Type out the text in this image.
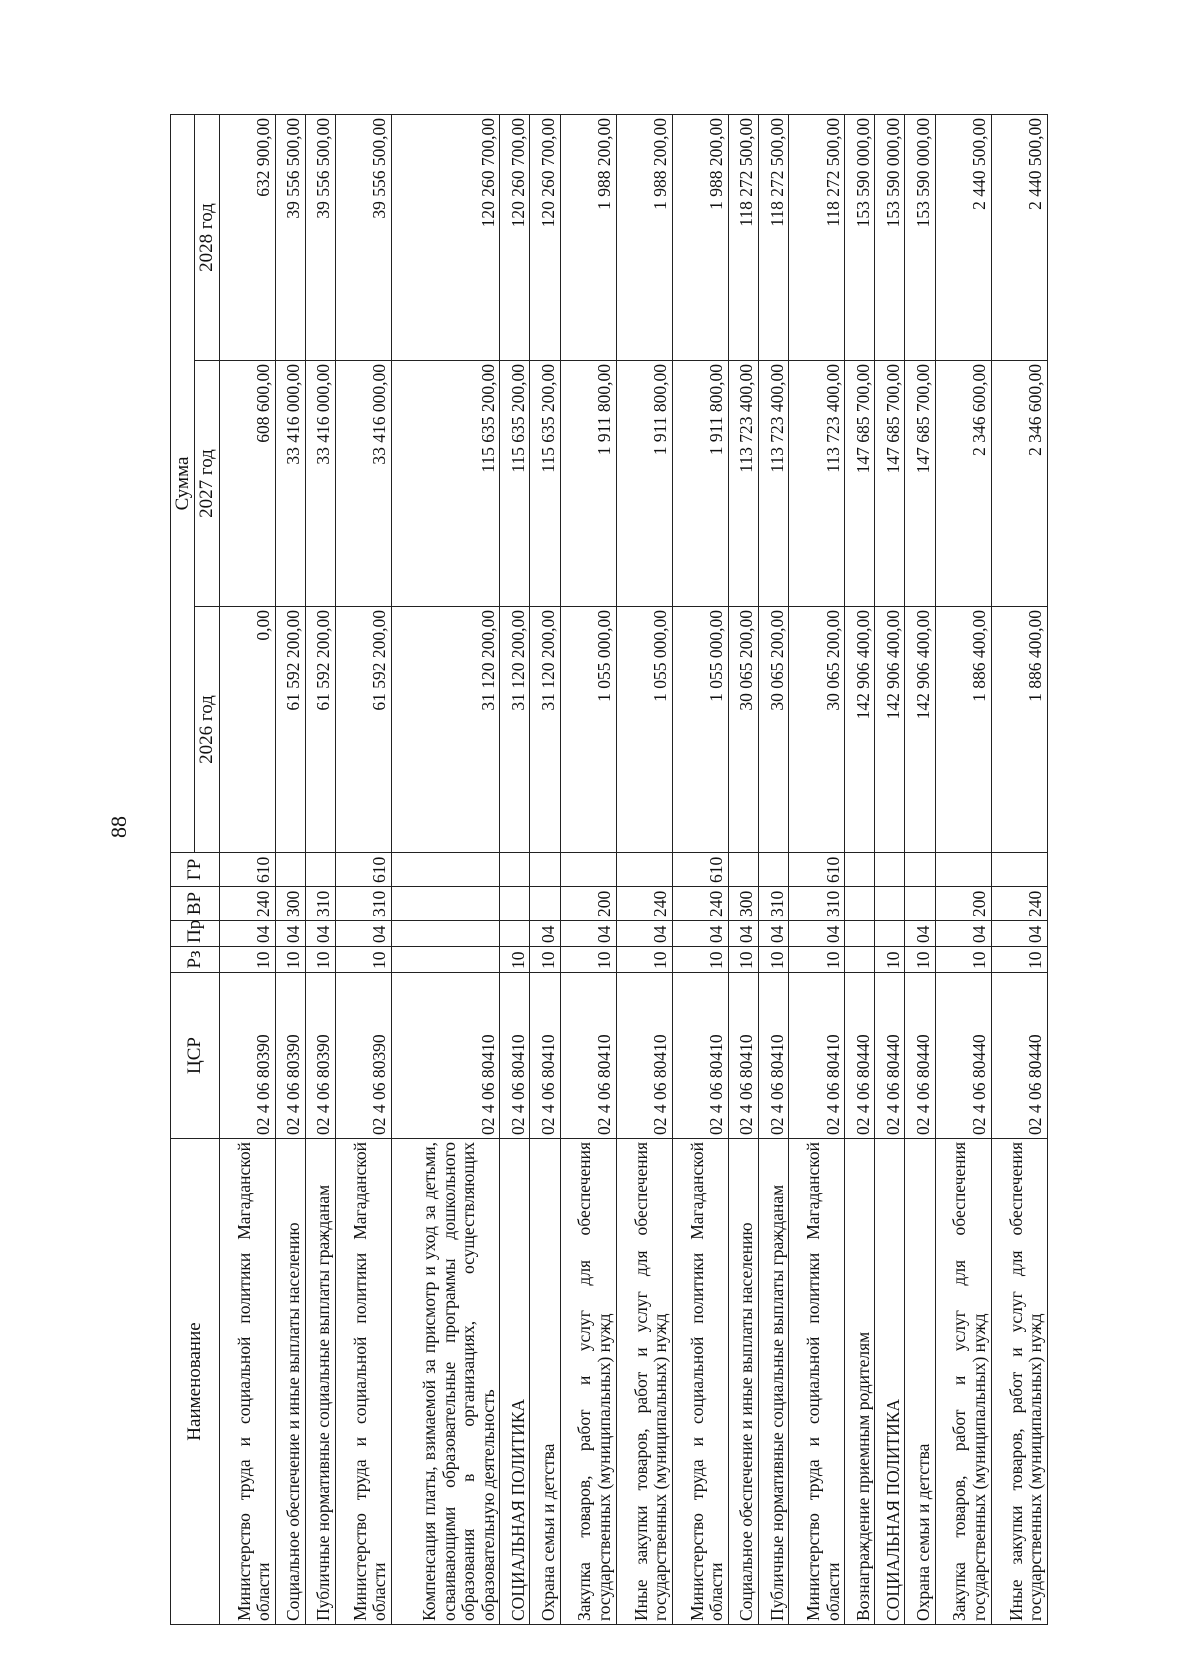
88
Наименование	ЦСР	Рз	Пр	ВР	ГР	Сумма		
						2026 год	2027 год	2028 год
Министерство труда и социальной политики Магаданской области	02 4 06 80390	10	04	240	610	0,00	608 600,00	632 900,00
Социальное обеспечение и иные выплаты населению	02 4 06 80390	10	04	300		61 592 200,00	33 416 000,00	39 556 500,00
Публичные нормативные социальные выплаты гражданам	02 4 06 80390	10	04	310		61 592 200,00	33 416 000,00	39 556 500,00
Министерство труда и социальной политики Магаданской области	02 4 06 80390	10	04	310	610	61 592 200,00	33 416 000,00	39 556 500,00
Компенсация платы, взимаемой за присмотр и уход за детьми, осваивающими образовательные программы дошкольного образования в организациях, осуществляющих образовательную деятельность	02 4 06 80410					31 120 200,00	115 635 200,00	120 260 700,00
СОЦИАЛЬНАЯ ПОЛИТИКА	02 4 06 80410	10				31 120 200,00	115 635 200,00	120 260 700,00
Охрана семьи и детства	02 4 06 80410	10	04			31 120 200,00	115 635 200,00	120 260 700,00
Закупка товаров, работ и услуг для обеспечения государственных (муниципальных) нужд	02 4 06 80410	10	04	200		1 055 000,00	1 911 800,00	1 988 200,00
Иные закупки товаров, работ и услуг для обеспечения государственных (муниципальных) нужд	02 4 06 80410	10	04	240		1 055 000,00	1 911 800,00	1 988 200,00
Министерство труда и социальной политики Магаданской области	02 4 06 80410	10	04	240	610	1 055 000,00	1 911 800,00	1 988 200,00
Социальное обеспечение и иные выплаты населению	02 4 06 80410	10	04	300		30 065 200,00	113 723 400,00	118 272 500,00
Публичные нормативные социальные выплаты гражданам	02 4 06 80410	10	04	310		30 065 200,00	113 723 400,00	118 272 500,00
Министерство труда и социальной политики Магаданской области	02 4 06 80410	10	04	310	610	30 065 200,00	113 723 400,00	118 272 500,00
Вознаграждение приемным родителям	02 4 06 80440					142 906 400,00	147 685 700,00	153 590 000,00
СОЦИАЛЬНАЯ ПОЛИТИКА	02 4 06 80440	10				142 906 400,00	147 685 700,00	153 590 000,00
Охрана семьи и детства	02 4 06 80440	10	04			142 906 400,00	147 685 700,00	153 590 000,00
Закупка товаров, работ и услуг для обеспечения государственных (муниципальных) нужд	02 4 06 80440	10	04	200		1 886 400,00	2 346 600,00	2 440 500,00
Иные закупки товаров, работ и услуг для обеспечения государственных (муниципальных) нужд	02 4 06 80440	10	04	240		1 886 400,00	2 346 600,00	2 440 500,00
